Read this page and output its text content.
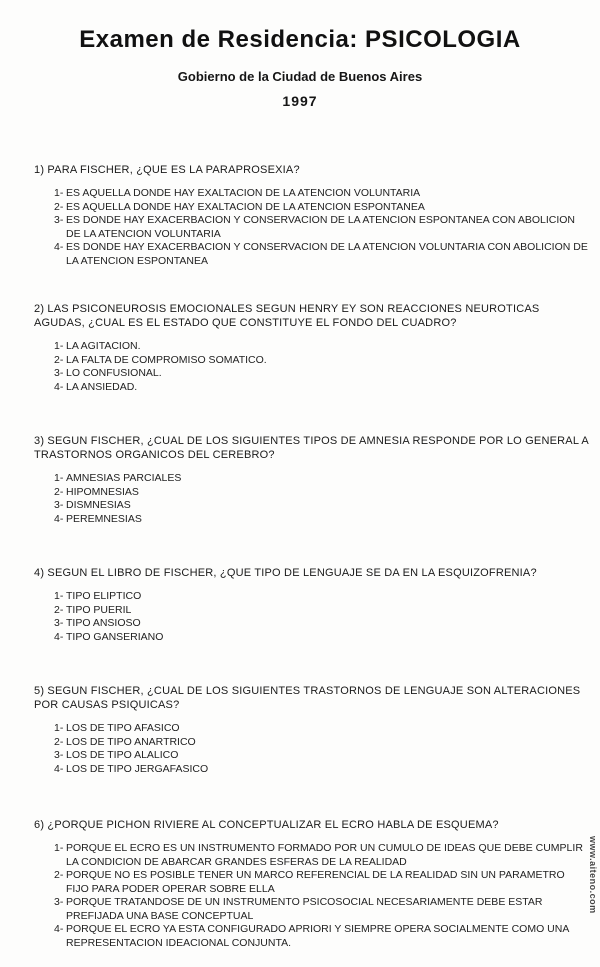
Examen de Residencia: PSICOLOGIA
Gobierno de la Ciudad de Buenos Aires
1997

1) PARA FISCHER, ¿QUE ES LA PARAPROSEXIA?

1- ES AQUELLA DONDE HAY EXALTACION DE LA ATENCION VOLUNTARIA
2- ES AQUELLA DONDE HAY EXALTACION DE LA ATENCION ESPONTANEA
3- ES DONDE HAY EXACERBACION Y CONSERVACION DE LA ATENCION ESPONTANEA CON ABOLICION DE LA ATENCION VOLUNTARIA
4- ES DONDE HAY EXACERBACION Y CONSERVACION DE LA ATENCION VOLUNTARIA CON ABOLICION DE LA ATENCION ESPONTANEA

2) LAS PSICONEUROSIS EMOCIONALES SEGUN HENRY EY SON REACCIONES NEUROTICAS AGUDAS, ¿CUAL ES EL ESTADO QUE CONSTITUYE EL FONDO DEL CUADRO?

1- LA AGITACION.
2- LA FALTA DE COMPROMISO SOMATICO.
3- LO CONFUSIONAL.
4- LA ANSIEDAD.

3) SEGUN FISCHER, ¿CUAL DE LOS SIGUIENTES TIPOS DE AMNESIA RESPONDE POR LO GENERAL A TRASTORNOS ORGANICOS DEL CEREBRO?

1- AMNESIAS PARCIALES
2- HIPOMNESIAS
3- DISMNESIAS
4- PEREMNESIAS

4) SEGUN EL LIBRO DE FISCHER, ¿QUE TIPO DE LENGUAJE SE DA EN LA ESQUIZOFRENIA?

1- TIPO ELIPTICO
2- TIPO PUERIL
3- TIPO ANSIOSO
4- TIPO GANSERIANO

5) SEGUN FISCHER, ¿CUAL DE LOS SIGUIENTES TRASTORNOS DE LENGUAJE SON ALTERACIONES POR CAUSAS PSIQUICAS?

1- LOS DE TIPO AFASICO
2- LOS DE TIPO ANARTRICO
3- LOS DE TIPO ALALICO
4- LOS DE TIPO JERGAFASICO

6) ¿PORQUE PICHON RIVIERE AL CONCEPTUALIZAR EL ECRO HABLA DE ESQUEMA?

1- PORQUE EL ECRO ES UN INSTRUMENTO FORMADO POR UN CUMULO DE IDEAS QUE DEBE CUMPLIR LA CONDICION DE ABARCAR GRANDES ESFERAS DE LA REALIDAD
2- PORQUE NO ES POSIBLE TENER UN MARCO REFERENCIAL DE LA REALIDAD SIN UN PARAMETRO FIJO PARA PODER OPERAR SOBRE ELLA
3- PORQUE TRATANDOSE DE UN INSTRUMENTO PSICOSOCIAL NECESARIAMENTE DEBE ESTAR PREFIJADA UNA BASE CONCEPTUAL
4- PORQUE EL ECRO YA ESTA CONFIGURADO APRIORI Y SIEMPRE OPERA SOCIALMENTE COMO UNA REPRESENTACION IDEACIONAL CONJUNTA.
www.aiteno.com
